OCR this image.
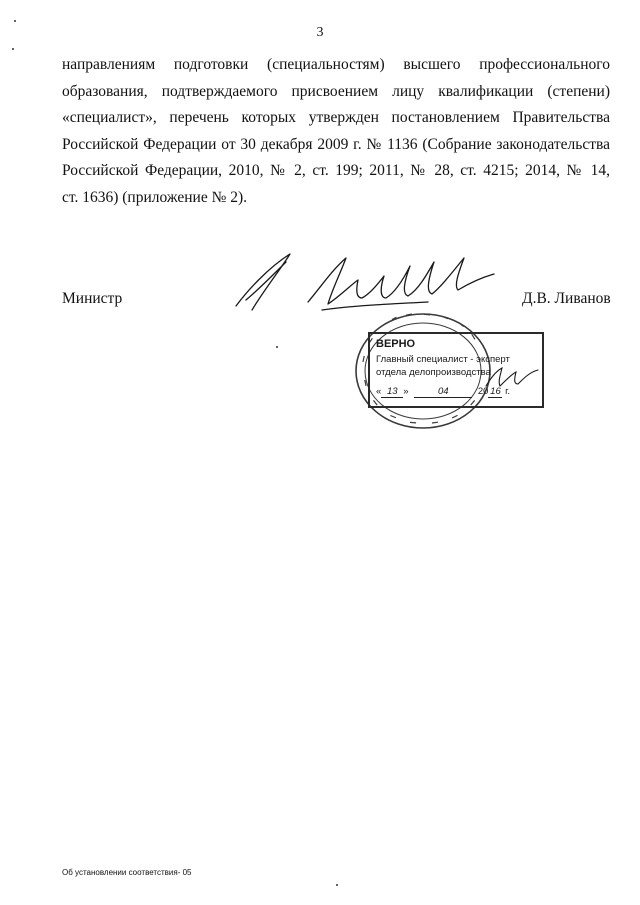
3
направлениям подготовки (специальностям) высшего профессионального
образования, подтверждаемого присвоением лицу квалификации (степени)
«специалист», перечень которых утвержден постановлением Правительства
Российской Федерации от 30 декабря 2009 г. № 1136 (Собрание законодательства
Российской Федерации, 2010, № 2, ст. 199; 2011, № 28, ст. 4215; 2014, № 14,
ст. 1636) (приложение № 2).
Министр	Д.В. Ливанов
ВЕРНО
Главный специалист - эксперт
отдела делопроизводства
« 13 »	04	20 16 г.
Об установлении соответствия- 05
